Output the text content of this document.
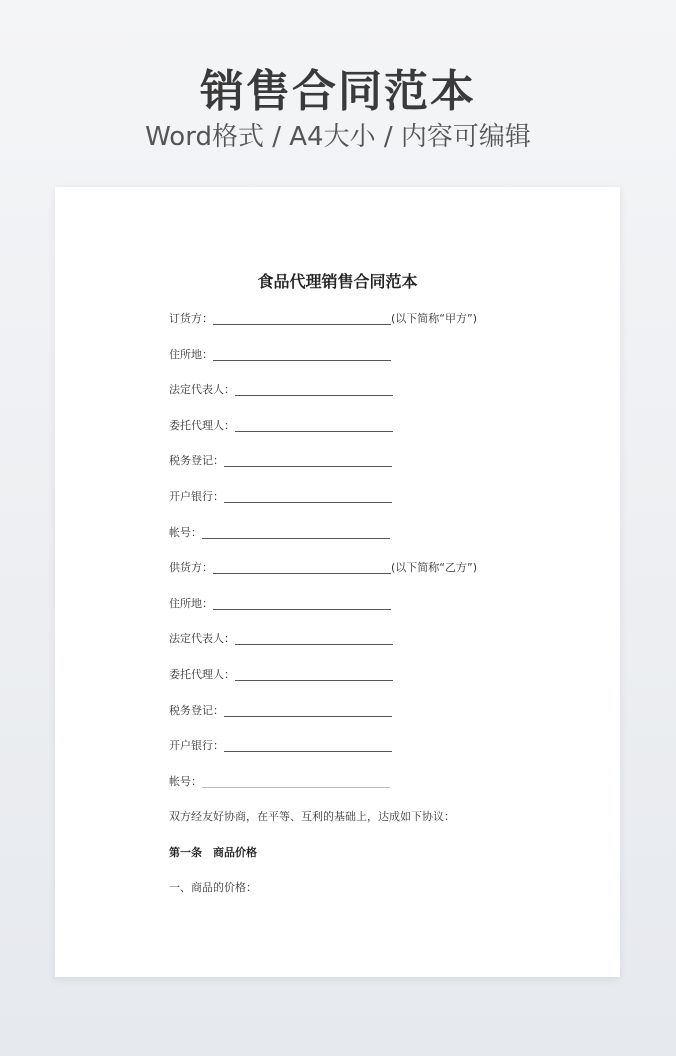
销售合同范本
Word格式 / A4大小 / 内容可编辑
食品代理销售合同范本
订货方：	(以下简称“甲方”)
住所地：
法定代表人：
委托代理人：
税务登记：
开户银行：
帐号：
供货方：	(以下简称“乙方”)
住所地：
法定代表人：
委托代理人：
税务登记：
开户银行：
帐号：
双方经友好协商，在平等、互利的基础上，达成如下协议：
第一条　商品价格
一、商品的价格：
